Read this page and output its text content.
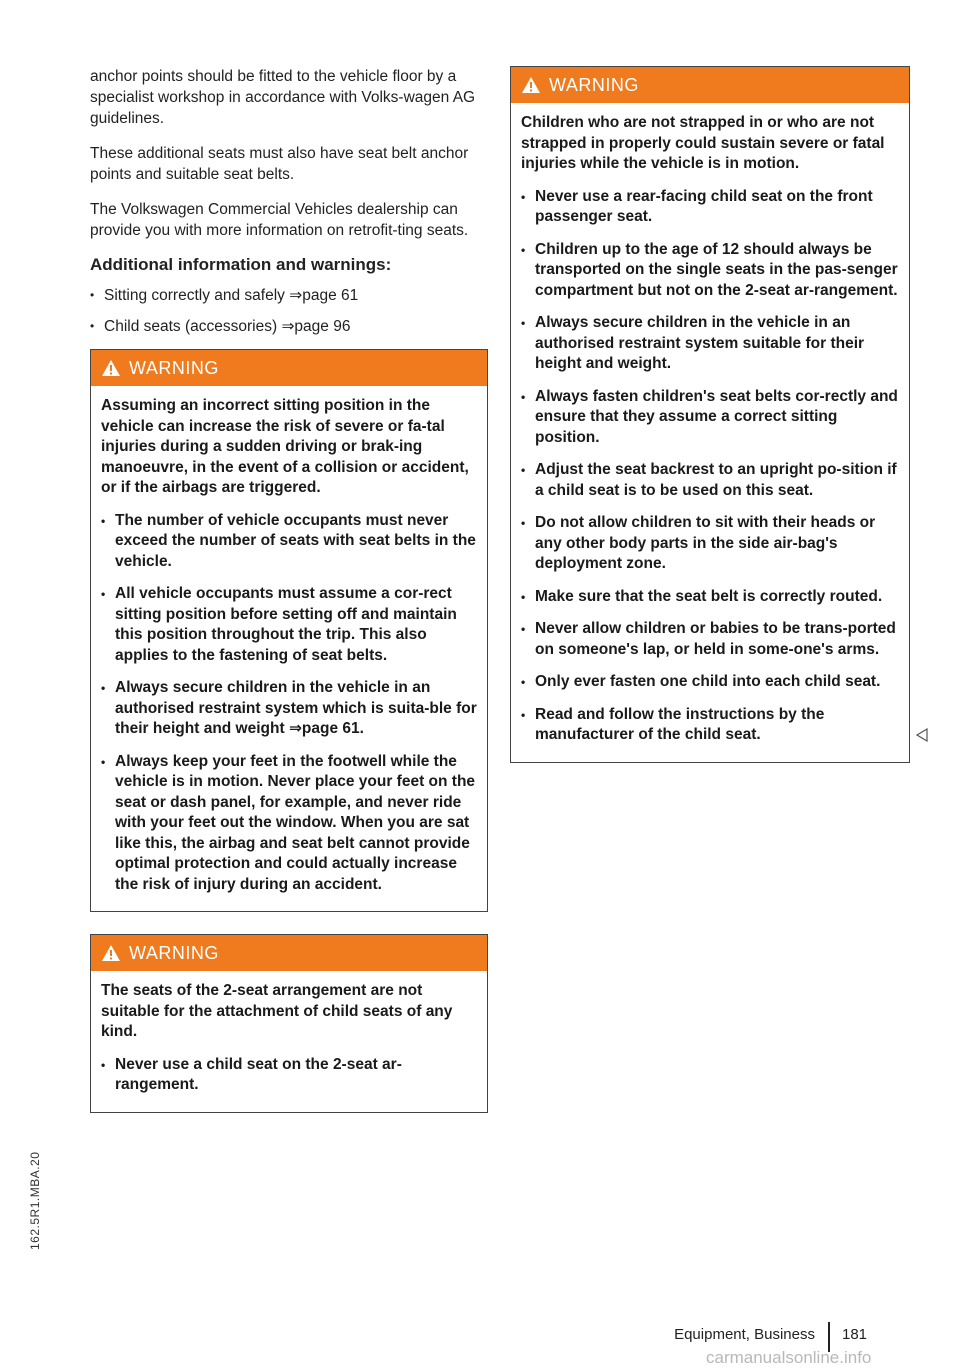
anchor points should be fitted to the vehicle floor by a specialist workshop in accordance with Volks-wagen AG guidelines.

These additional seats must also have seat belt anchor points and suitable seat belts.

The Volkswagen Commercial Vehicles dealership can provide you with more information on retrofit-ting seats.

Additional information and warnings:
• Sitting correctly and safely ⇒page 61
• Child seats (accessories) ⇒page 96
WARNING

Assuming an incorrect sitting position in the vehicle can increase the risk of severe or fa-tal injuries during a sudden driving or brak-ing manoeuvre, in the event of a collision or accident, or if the airbags are triggered.

• The number of vehicle occupants must never exceed the number of seats with seat belts in the vehicle.
• All vehicle occupants must assume a cor-rect sitting position before setting off and maintain this position throughout the trip. This also applies to the fastening of seat belts.
• Always secure children in the vehicle in an authorised restraint system which is suita-ble for their height and weight ⇒page 61.
• Always keep your feet in the footwell while the vehicle is in motion. Never place your feet on the seat or dash panel, for example, and never ride with your feet out the window. When you are sat like this, the airbag and seat belt cannot provide optimal protection and could actually increase the risk of injury during an accident.
WARNING

The seats of the 2-seat arrangement are not suitable for the attachment of child seats of any kind.

• Never use a child seat on the 2-seat ar-rangement.
WARNING

Children who are not strapped in or who are not strapped in properly could sustain severe or fatal injuries while the vehicle is in motion.

• Never use a rear-facing child seat on the front passenger seat.
• Children up to the age of 12 should always be transported on the single seats in the pas-senger compartment but not on the 2-seat ar-rangement.
• Always secure children in the vehicle in an authorised restraint system suitable for their height and weight.
• Always fasten children's seat belts cor-rectly and ensure that they assume a correct sitting position.
• Adjust the seat backrest to an upright po-sition if a child seat is to be used on this seat.
• Do not allow children to sit with their heads or any other body parts in the side air-bag's deployment zone.
• Make sure that the seat belt is correctly routed.
• Never allow children or babies to be trans-ported on someone's lap, or held in some-one's arms.
• Only ever fasten one child into each child seat.
• Read and follow the instructions by the manufacturer of the child seat.
162.5R1.MBA.20
Equipment, Business 181
carmanualsonline.info
